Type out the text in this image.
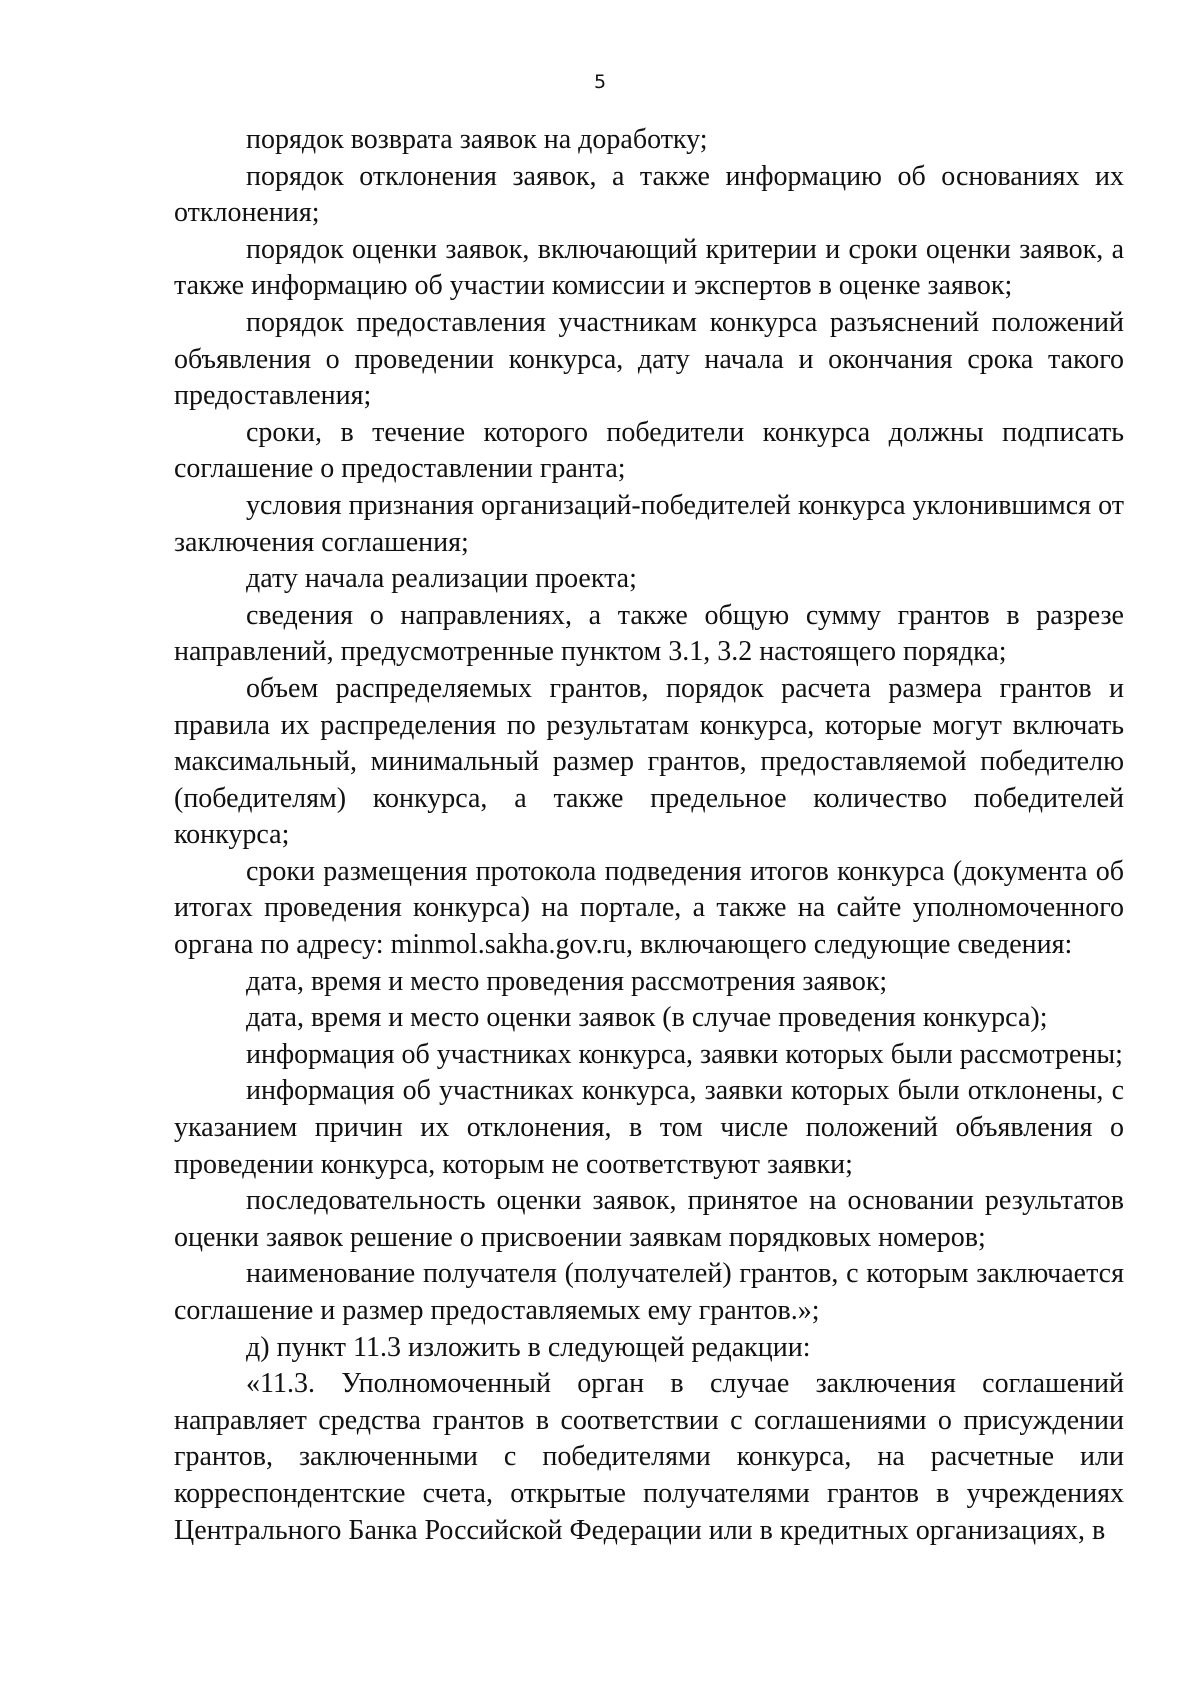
5

порядок возврата заявок на доработку;

порядок отклонения заявок, а также информацию об основаниях их отклонения;

порядок оценки заявок, включающий критерии и сроки оценки заявок, а также информацию об участии комиссии и экспертов в оценке заявок;

порядок предоставления участникам конкурса разъяснений положений объявления о проведении конкурса, дату начала и окончания срока такого предоставления;

сроки, в течение которого победители конкурса должны подписать соглашение о предоставлении гранта;

условия признания организаций-победителей конкурса уклонившимся от заключения соглашения;

дату начала реализации проекта;

сведения о направлениях, а также общую сумму грантов в разрезе направлений, предусмотренные пунктом 3.1, 3.2 настоящего порядка;

объем распределяемых грантов, порядок расчета размера грантов и правила их распределения по результатам конкурса, которые могут включать максимальный, минимальный размер грантов, предоставляемой победителю (победителям) конкурса, а также предельное количество победителей конкурса;

сроки размещения протокола подведения итогов конкурса (документа об итогах проведения конкурса) на портале, а также на сайте уполномоченного органа по адресу: minmol.sakha.gov.ru, включающего следующие сведения:

дата, время и место проведения рассмотрения заявок;

дата, время и место оценки заявок (в случае проведения конкурса);

информация об участниках конкурса, заявки которых были рассмотрены;

информация об участниках конкурса, заявки которых были отклонены, с указанием причин их отклонения, в том числе положений объявления о проведении конкурса, которым не соответствуют заявки;

последовательность оценки заявок, принятое на основании результатов оценки заявок решение о присвоении заявкам порядковых номеров;

наименование получателя (получателей) грантов, с которым заключается соглашение и размер предоставляемых ему грантов.»;

д) пункт 11.3 изложить в следующей редакции:

«11.3. Уполномоченный орган в случае заключения соглашений направляет средства грантов в соответствии с соглашениями о присуждении грантов, заключенными с победителями конкурса, на расчетные или корреспондентские счета, открытые получателями грантов в учреждениях Центрального Банка Российской Федерации или в кредитных организациях, в
